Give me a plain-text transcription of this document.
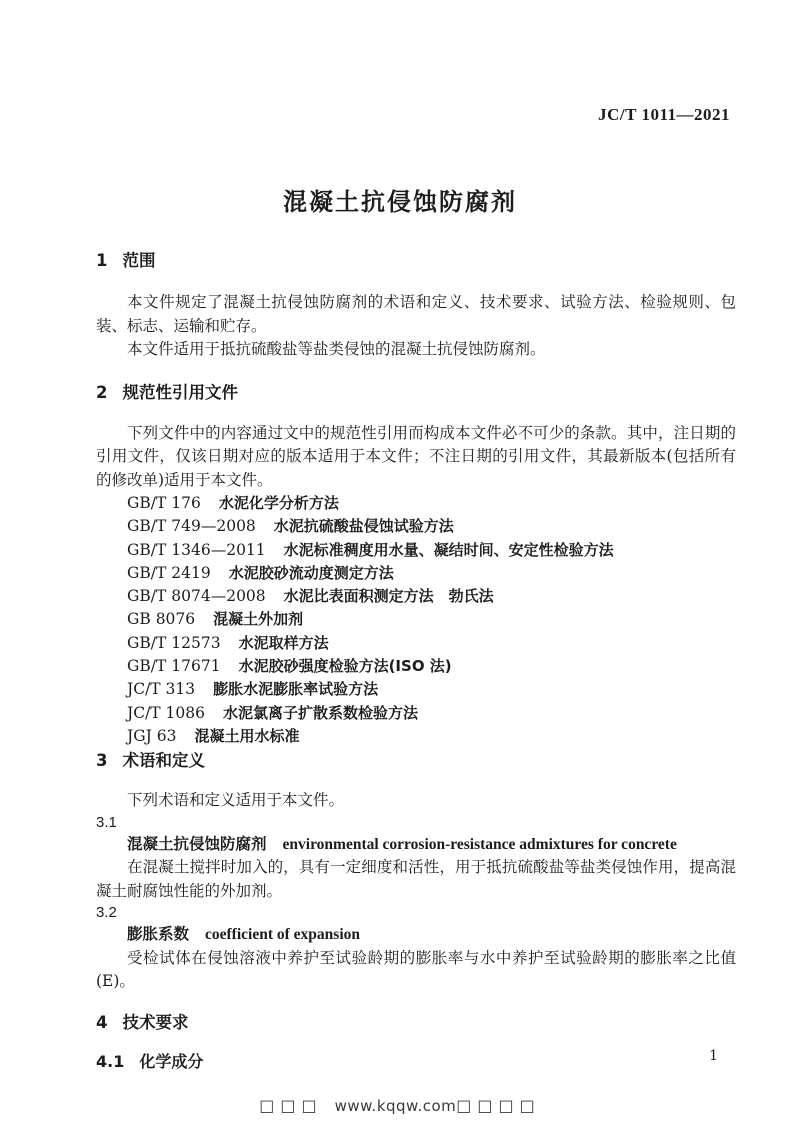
JC/T 1011—2021
混凝土抗侵蚀防腐剂
1 范围

本文件规定了混凝土抗侵蚀防腐剂的术语和定义、技术要求、试验方法、检验规则、包装、标志、运输和贮存。

本文件适用于抵抗硫酸盐等盐类侵蚀的混凝土抗侵蚀防腐剂。

2 规范性引用文件

下列文件中的内容通过文中的规范性引用而构成本文件必不可少的条款。其中，注日期的引用文件，仅该日期对应的版本适用于本文件；不注日期的引用文件，其最新版本(包括所有的修改单)适用于本文件。

GB/T 176 水泥化学分析方法
GB/T 749—2008 水泥抗硫酸盐侵蚀试验方法
GB/T 1346—2011 水泥标准稠度用水量、凝结时间、安定性检验方法
GB/T 2419 水泥胶砂流动度测定方法
GB/T 8074—2008 水泥比表面积测定方法　勃氏法
GB 8076 混凝土外加剂
GB/T 12573 水泥取样方法
GB/T 17671 水泥胶砂强度检验方法(ISO 法)
JC/T 313 膨胀水泥膨胀率试验方法
JC/T 1086 水泥氯离子扩散系数检验方法
JGJ 63 混凝土用水标准
3 术语和定义

下列术语和定义适用于本文件。

3.1
混凝土抗侵蚀防腐剂 environmental corrosion-resistance admixtures for concrete

在混凝土搅拌时加入的，具有一定细度和活性，用于抵抗硫酸盐等盐类侵蚀作用，提高混凝土耐腐蚀性能的外加剂。

3.2
膨胀系数 coefficient of expansion

受检试体在侵蚀溶液中养护至试验龄期的膨胀率与水中养护至试验龄期的膨胀率之比值(E)。

4 技术要求
4.1 化学成分	1
□□□ www.kqqw.com□□□□
